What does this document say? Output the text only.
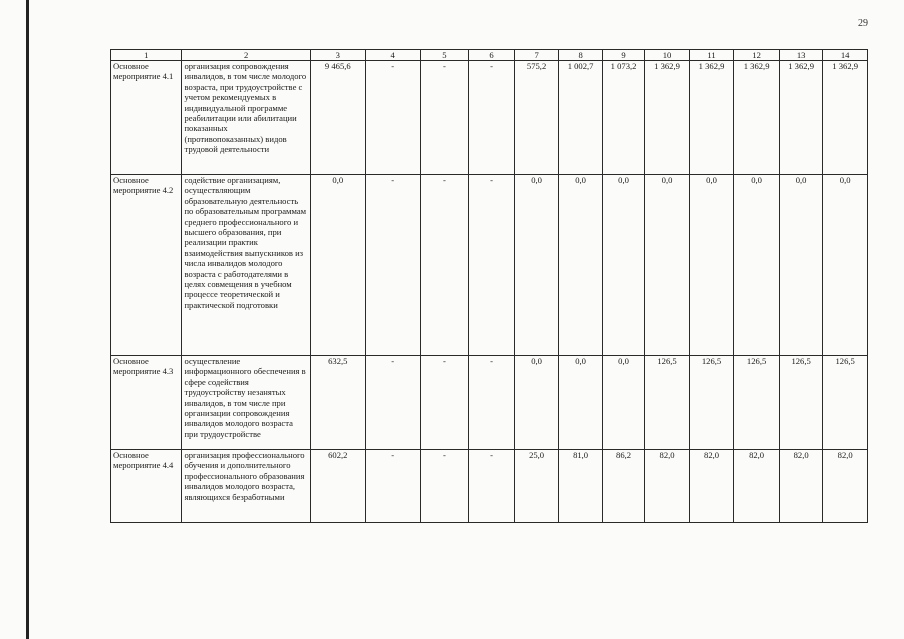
29
1	2	3	4	5	6	7	8	9	10	11	12	13	14
Основное мероприятие 4.1	организация сопровождения инвалидов, в том числе молодого возраста, при трудоустройстве с учетом рекомендуемых в индивидуальной программе реабилитации или абилитации показанных (противопоказанных) видов трудовой деятельности	9 465,6	-	-	-	575,2	1 002,7	1 073,2	1 362,9	1 362,9	1 362,9	1 362,9	1 362,9
Основное мероприятие 4.2	содействие организациям, осуществляющим образовательную деятельность по образовательным программам среднего профессионального и высшего образования, при реализации практик взаимодействия выпускников из числа инвалидов молодого возраста с работодателями в целях совмещения в учебном процессе теоретической и практической подготовки	0,0	-	-	-	0,0	0,0	0,0	0,0	0,0	0,0	0,0	0,0
Основное мероприятие 4.3	осуществление информационного обеспечения в сфере содействия трудоустройству незанятых инвалидов, в том числе при организации сопровождения инвалидов молодого возраста при трудоустройстве	632,5	-	-	-	0,0	0,0	0,0	126,5	126,5	126,5	126,5	126,5
Основное мероприятие 4.4	организация профессионального обучения и дополнительного профессионального образования инвалидов молодого возраста, являющихся безработными	602,2	-	-	-	25,0	81,0	86,2	82,0	82,0	82,0	82,0	82,0
